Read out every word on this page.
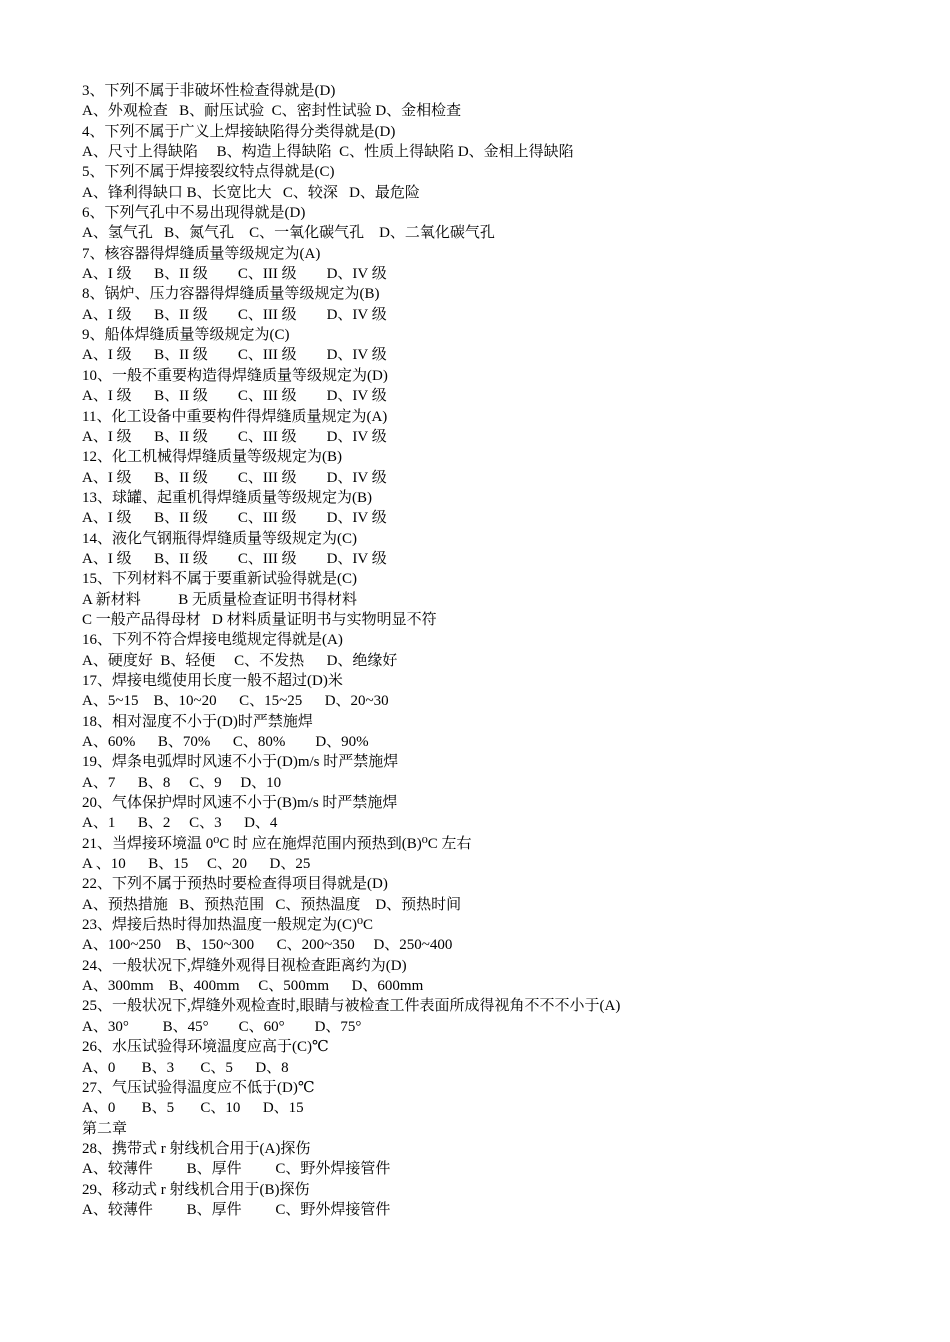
3、下列不属于非破坏性检查得就是(D)
A、外观检查   B、耐压试验  C、密封性试验 D、金相检查
4、下列不属于广义上焊接缺陷得分类得就是(D)
A、尺寸上得缺陷     B、构造上得缺陷  C、性质上得缺陷 D、金相上得缺陷
5、下列不属于焊接裂纹特点得就是(C)
A、锋利得缺口 B、长宽比大   C、较深   D、最危险
6、下列气孔中不易出现得就是(D)
A、氢气孔   B、氮气孔    C、一氧化碳气孔    D、二氧化碳气孔
7、核容器得焊缝质量等级规定为(A)
A、I 级      B、II 级        C、III 级        D、IV 级
8、锅炉、压力容器得焊缝质量等级规定为(B)
A、I 级      B、II 级        C、III 级        D、IV 级
9、船体焊缝质量等级规定为(C)
A、I 级      B、II 级        C、III 级        D、IV 级
10、一般不重要构造得焊缝质量等级规定为(D)
A、I 级      B、II 级        C、III 级        D、IV 级
11、化工设备中重要构件得焊缝质量规定为(A)
A、I 级      B、II 级        C、III 级        D、IV 级
12、化工机械得焊缝质量等级规定为(B)
A、I 级      B、II 级        C、III 级        D、IV 级
13、球罐、起重机得焊缝质量等级规定为(B)
A、I 级      B、II 级        C、III 级        D、IV 级
14、液化气钢瓶得焊缝质量等级规定为(C)
A、I 级      B、II 级        C、III 级        D、IV 级
15、下列材料不属于要重新试验得就是(C)
A 新材料          B 无质量检查证明书得材料
C 一般产品得母材   D 材料质量证明书与实物明显不符
16、下列不符合焊接电缆规定得就是(A)
A、硬度好  B、轻便     C、不发热      D、绝缘好
17、焊接电缆使用长度一般不超过(D)米
A、5~15    B、10~20      C、15~25      D、20~30
18、相对湿度不小于(D)时严禁施焊
A、60%      B、70%      C、80%        D、90%
19、焊条电弧焊时风速不小于(D)m/s 时严禁施焊
A、7      B、8     C、9     D、10
20、气体保护焊时风速不小于(B)m/s 时严禁施焊
A、1      B、2     C、3      D、4
21、当焊接环境温 0⁰C 时 应在施焊范围内预热到(B)⁰C 左右
A 、10      B、15     C、20      D、25
22、下列不属于预热时要检查得项目得就是(D)
A、预热措施   B、预热范围   C、预热温度    D、预热时间
23、焊接后热时得加热温度一般规定为(C)⁰C
A、100~250    B、150~300      C、200~350     D、250~400
24、一般状况下,焊缝外观得目视检查距离约为(D)
A、300mm    B、400mm     C、500mm      D、600mm
25、一般状况下,焊缝外观检查时,眼睛与被检查工件表面所成得视角不不不小于(A)
A、30°         B、45°        C、60°        D、75°
26、水压试验得环境温度应高于(C)℃
A、0       B、3       C、5      D、8
27、气压试验得温度应不低于(D)℃
A、0       B、5       C、10      D、15
第二章
28、携带式 r 射线机合用于(A)探伤
A、较薄件         B、厚件         C、野外焊接管件
29、移动式 r 射线机合用于(B)探伤
A、较薄件         B、厚件         C、野外焊接管件
